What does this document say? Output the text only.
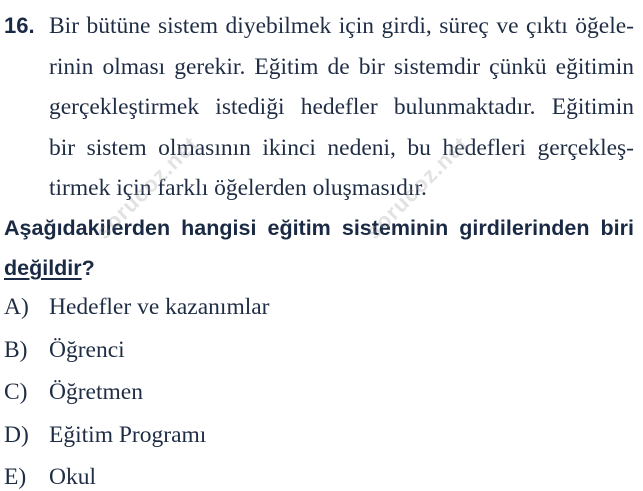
16. Bir bütüne sistem diyebilmek için girdi, süreç ve çıktı öğele-
rinin olması gerekir. Eğitim de bir sistemdir çünkü eğitimin
gerçekleştirmek istediği hedefler bulunmaktadır. Eğitimin
bir sistem olmasının ikinci nedeni, bu hedefleri gerçekleş-
tirmek için farklı öğelerden oluşmasıdır.
Aşağıdakilerden hangisi eğitim sisteminin girdilerinden biri
değildir?
A) Hedefler ve kazanımlar
B) Öğrenci
C) Öğretmen
D) Eğitim Programı
E) Okul
sorucoz.net	sorucoz.net
